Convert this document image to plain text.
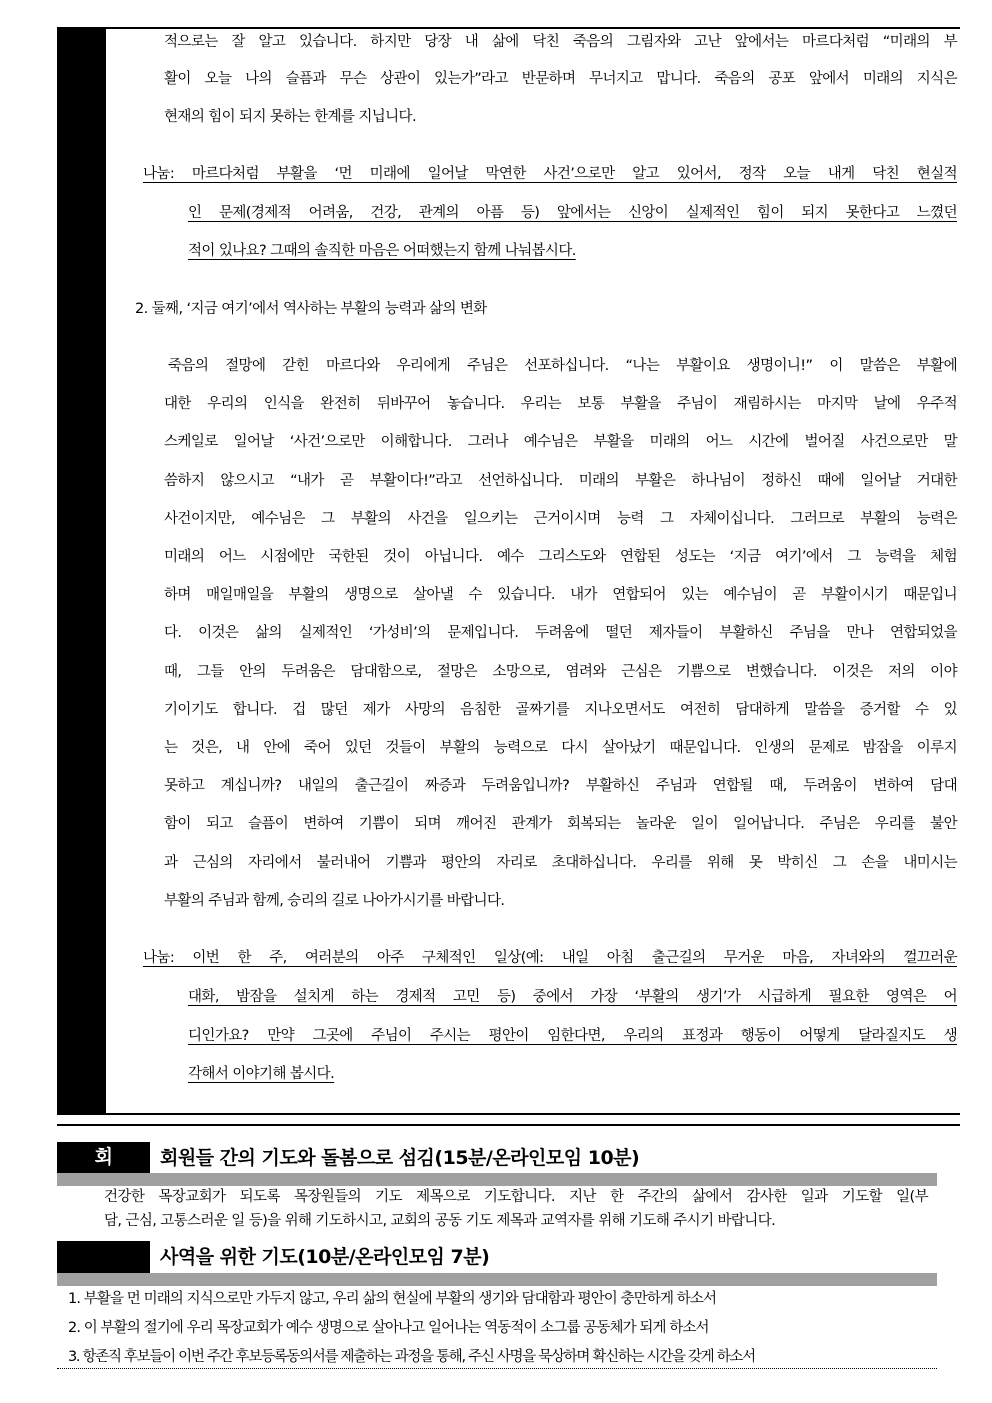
적으로는 잘 알고 있습니다. 하지만 당장 내 삶에 닥친 죽음의 그림자와 고난 앞에서는 마르다처럼 “미래의 부
활이 오늘 나의 슬픔과 무슨 상관이 있는가”라고 반문하며 무너지고 맙니다. 죽음의 공포 앞에서 미래의 지식은
현재의 힘이 되지 못하는 한계를 지닙니다.
나눔: 마르다처럼 부활을 ‘먼 미래에 일어날 막연한 사건’으로만 알고 있어서, 정작 오늘 내게 닥친 현실적
인 문제(경제적 어려움, 건강, 관계의 아픔 등) 앞에서는 신앙이 실제적인 힘이 되지 못한다고 느꼈던
적이 있나요? 그때의 솔직한 마음은 어떠했는지 함께 나눠봅시다.
2. 둘째, ‘지금 여기’에서 역사하는 부활의 능력과 삶의 변화
죽음의 절망에 갇힌 마르다와 우리에게 주님은 선포하십니다. “나는 부활이요 생명이니!” 이 말씀은 부활에
대한 우리의 인식을 완전히 뒤바꾸어 놓습니다. 우리는 보통 부활을 주님이 재림하시는 마지막 날에 우주적
스케일로 일어날 ‘사건’으로만 이해합니다. 그러나 예수님은 부활을 미래의 어느 시간에 벌어질 사건으로만 말
씀하지 않으시고 “내가 곧 부활이다!”라고 선언하십니다. 미래의 부활은 하나님이 정하신 때에 일어날 거대한
사건이지만, 예수님은 그 부활의 사건을 일으키는 근거이시며 능력 그 자체이십니다. 그러므로 부활의 능력은
미래의 어느 시점에만 국한된 것이 아닙니다. 예수 그리스도와 연합된 성도는 ‘지금 여기’에서 그 능력을 체험
하며 매일매일을 부활의 생명으로 살아낼 수 있습니다. 내가 연합되어 있는 예수님이 곧 부활이시기 때문입니
다. 이것은 삶의 실제적인 ‘가성비’의 문제입니다. 두려움에 떨던 제자들이 부활하신 주님을 만나 연합되었을
때, 그들 안의 두려움은 담대함으로, 절망은 소망으로, 염려와 근심은 기쁨으로 변했습니다. 이것은 저의 이야
기이기도 합니다. 겁 많던 제가 사망의 음침한 골짜기를 지나오면서도 여전히 담대하게 말씀을 증거할 수 있
는 것은, 내 안에 죽어 있던 것들이 부활의 능력으로 다시 살아났기 때문입니다. 인생의 문제로 밤잠을 이루지
못하고 계십니까? 내일의 출근길이 짜증과 두려움입니까? 부활하신 주님과 연합될 때, 두려움이 변하여 담대
함이 되고 슬픔이 변하여 기쁨이 되며 깨어진 관계가 회복되는 놀라운 일이 일어납니다. 주님은 우리를 불안
과 근심의 자리에서 불러내어 기쁨과 평안의 자리로 초대하십니다. 우리를 위해 못 박히신 그 손을 내미시는
부활의 주님과 함께, 승리의 길로 나아가시기를 바랍니다.
나눔: 이번 한 주, 여러분의 아주 구체적인 일상(예: 내일 아침 출근길의 무거운 마음, 자녀와의 껄끄러운
대화, 밤잠을 설치게 하는 경제적 고민 등) 중에서 가장 ‘부활의 생기’가 시급하게 필요한 영역은 어
디인가요? 만약 그곳에 주님이 주시는 평안이 임한다면, 우리의 표정과 행동이 어떻게 달라질지도 생
각해서 이야기해 봅시다.
회	회원들 간의 기도와 돌봄으로 섬김(15분/온라인모임 10분)
건강한 목장교회가 되도록 목장원들의 기도 제목으로 기도합니다. 지난 한 주간의 삶에서 감사한 일과 기도할 일(부
담, 근심, 고통스러운 일 등)을 위해 기도하시고, 교회의 공동 기도 제목과 교역자를 위해 기도해 주시기 바랍니다.
사역을 위한 기도(10분/온라인모임 7분)
1. 부활을 먼 미래의 지식으로만 가두지 않고, 우리 삶의 현실에 부활의 생기와 담대함과 평안이 충만하게 하소서
2. 이 부활의 절기에 우리 목장교회가 예수 생명으로 살아나고 일어나는 역동적이 소그룹 공동체가 되게 하소서
3. 항존직 후보들이 이번 주간 후보등록동의서를 제출하는 과정을 통해, 주신 사명을 묵상하며 확신하는 시간을 갖게 하소서
